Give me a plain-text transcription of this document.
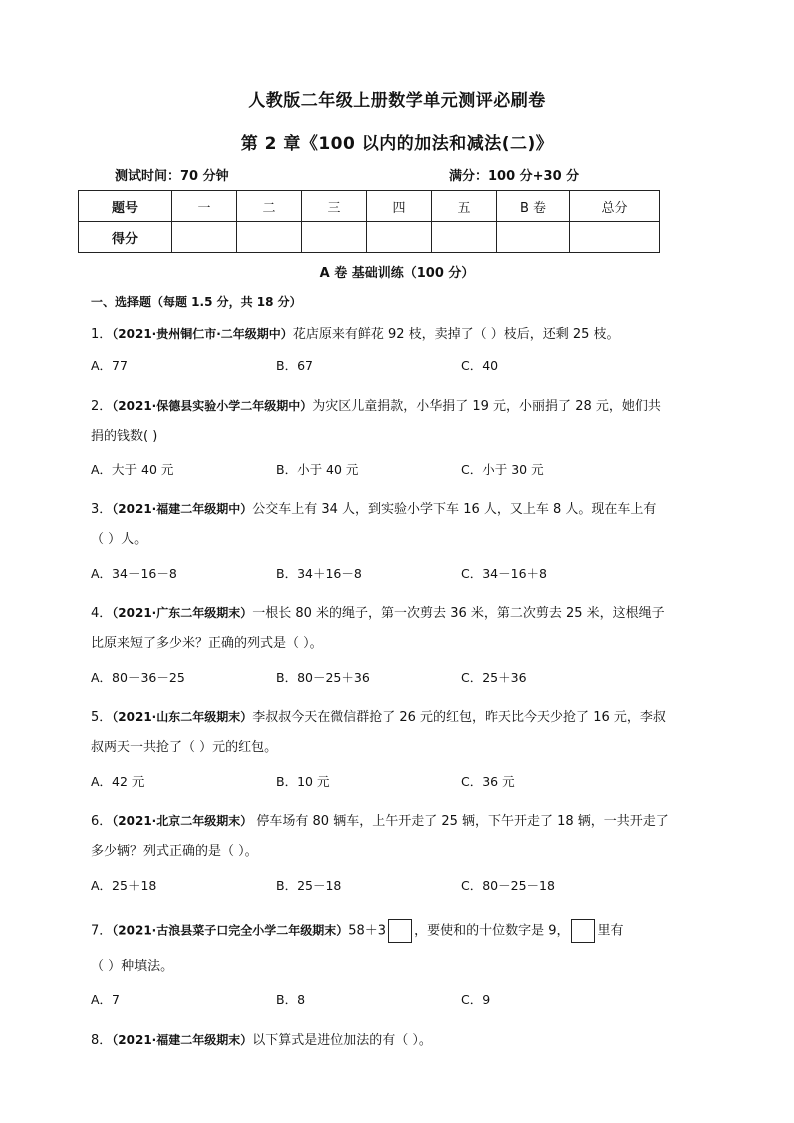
人教版二年级上册数学单元测评必刷卷
第 2 章《100 以内的加法和减法(二)》
测试时间：70 分钟	满分：100 分+30 分
题号	一	二	三	四	五	B 卷	总分
得分							
A 卷 基础训练（100 分）
一、选择题（每题 1.5 分，共 18 分）
1．（2021·贵州铜仁市·二年级期中）花店原来有鲜花 92 枝，卖掉了（ ）枝后，还剩 25 枝。
A．77	B．67	C．40
2．（2021·保德县实验小学二年级期中）为灾区儿童捐款，小华捐了 19 元，小丽捐了 28 元，她们共
捐的钱数( )
A．大于 40 元	B．小于 40 元	C．小于 30 元
3．（2021·福建二年级期中）公交车上有 34 人，到实验小学下车 16 人，又上车 8 人。现在车上有
（ ）人。
A．34－16－8	B．34＋16－8	C．34－16＋8
4．（2021·广东二年级期末）一根长 80 米的绳子，第一次剪去 36 米，第二次剪去 25 米，这根绳子
比原来短了多少米？正确的列式是（ ）。
A．80－36－25	B．80－25＋36	C．25＋36
5．（2021·山东二年级期末）李叔叔今天在微信群抢了 26 元的红包，昨天比今天少抢了 16 元，李叔
叔两天一共抢了（ ）元的红包。
A．42 元	B．10 元	C．36 元
6．（2021·北京二年级期末） 停车场有 80 辆车，上午开走了 25 辆，下午开走了 18 辆，一共开走了
多少辆？列式正确的是（ ）。
A．25＋18	B．25－18	C．80－25－18
7．（2021·古浪县菜子口完全小学二年级期末）58＋3 ，要使和的十位数字是 9， 里有
（ ）种填法。
A．7	B．8	C．9
8．（2021·福建二年级期末）以下算式是进位加法的有（ ）。
